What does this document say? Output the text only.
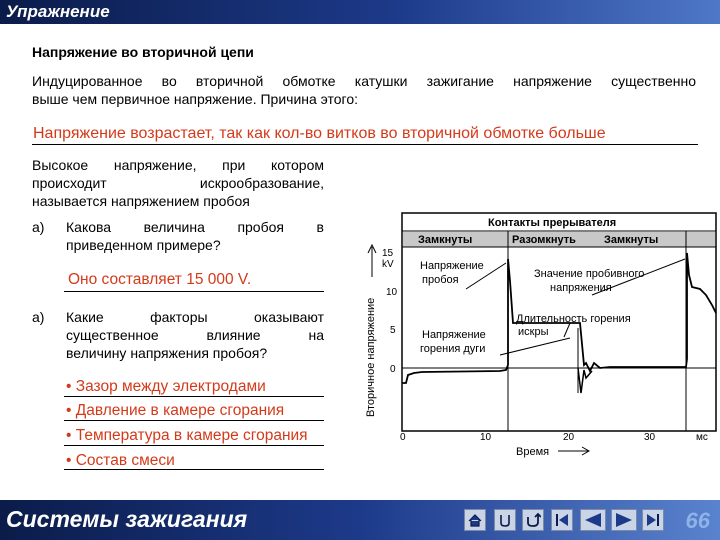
Упражнение
Напряжение во вторичной цепи
Индуцированное во вторичной обмотке катушки зажигание напряжение существенно
выше чем первичное напряжение. Причина этого:
Напряжение возрастает, так как кол-во витков во вторичной обмотке больше
Высокое напряжение, при котором
происходит искрообразование,
называется напряжением пробоя
а) Какова величина пробоя в
приведенном примере?
Оно составляет 15 000 V.
а) Какие факторы оказывают
существенное влияние на
величину напряжения пробоя?
• Зазор между электродами
• Давление в камере сгорания
• Температура в камере сгорания
• Состав смеси
Контакты прерывателя
Замкнуты	Разомкнуть	Замкнуты
Напряжение
пробоя	Значение пробивного
напряжения
Длительность горения
искры
Напряжение
горения дуги
Вторичное напряжение
15
kV
10
5
0
0	10	20	30	мс
Время
Системы зажигания	66
